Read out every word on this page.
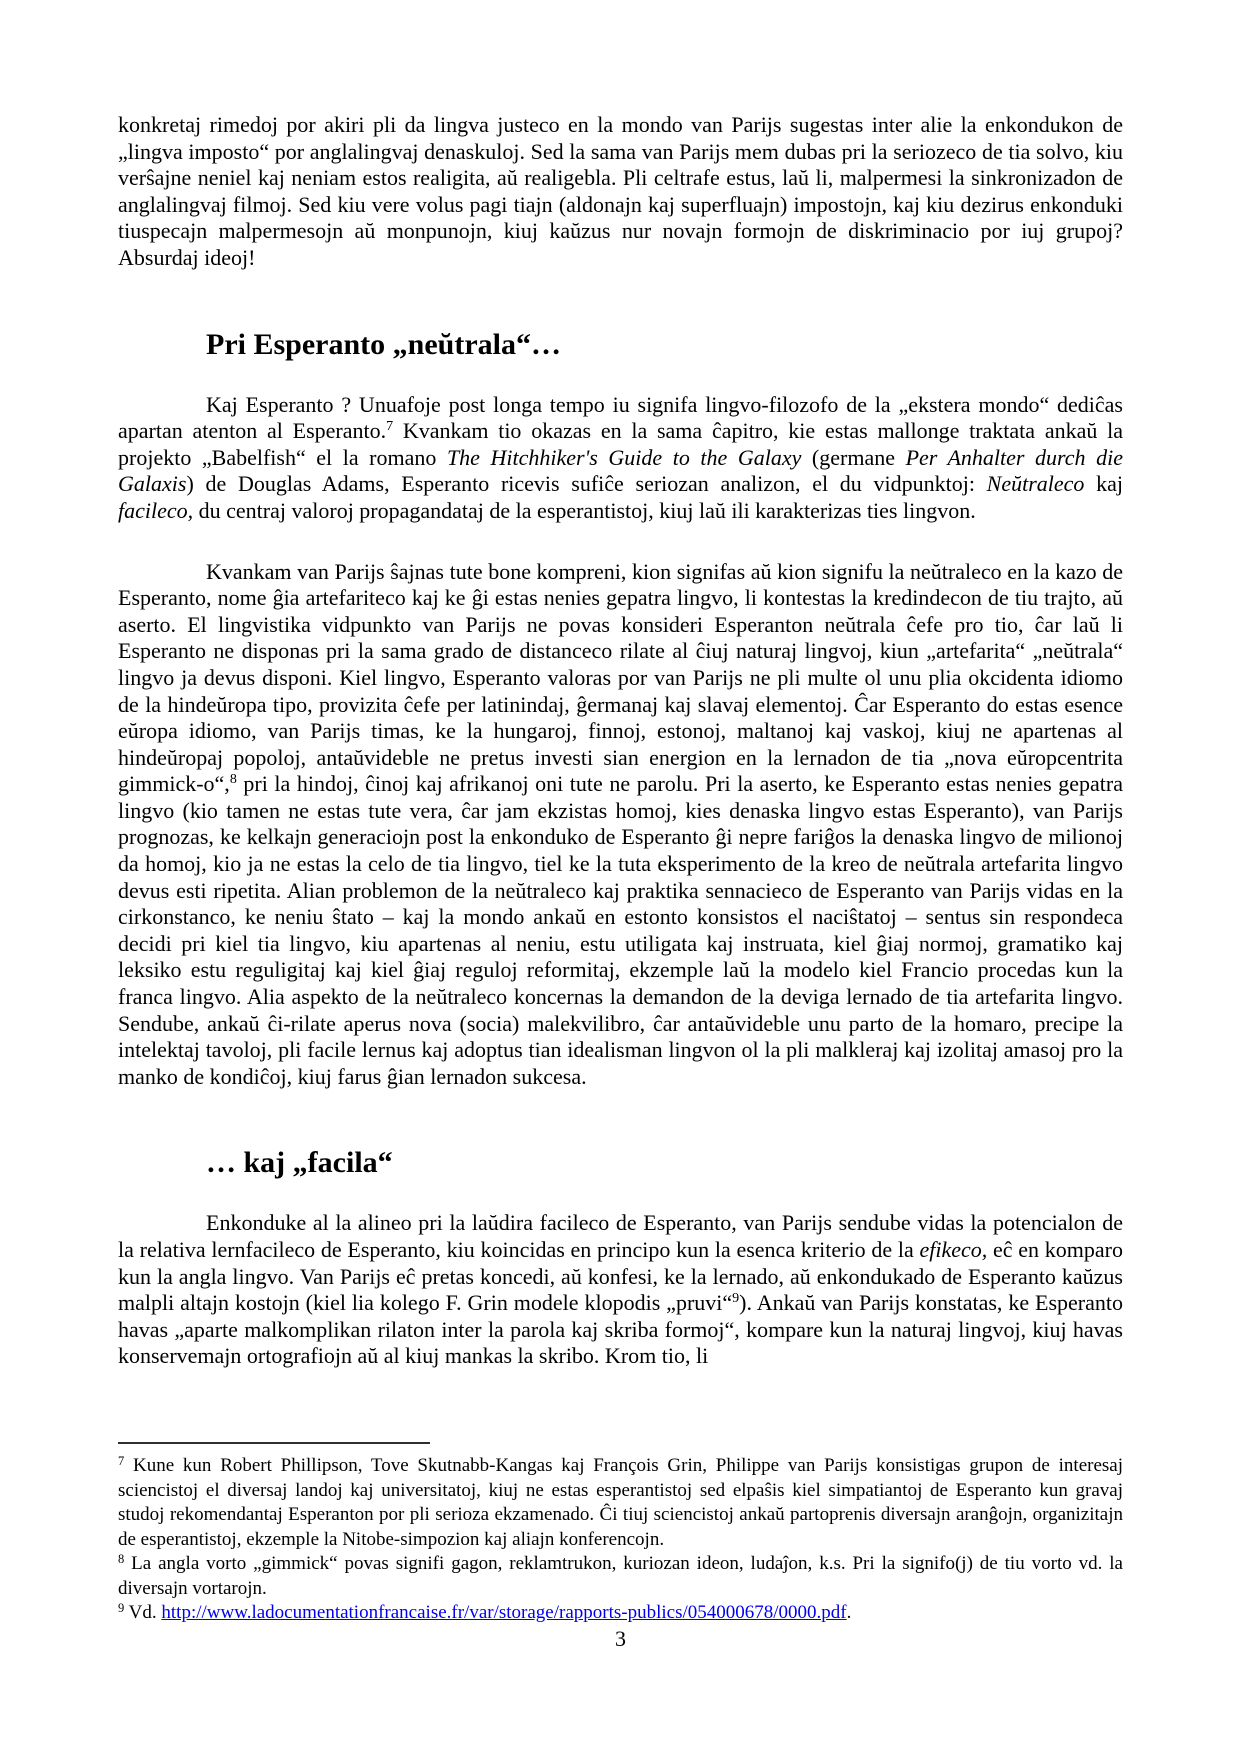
konkretaj rimedoj por akiri pli da lingva justeco en la mondo van Parijs sugestas inter alie la enkondukon de „lingva imposto“ por anglalingvaj denaskuloj. Sed la sama van Parijs mem dubas pri la seriozeco de tia solvo, kiu verŝajne neniel kaj neniam estos realigita, aŭ realigebla. Pli celtrafe estus, laŭ li, malpermesi la sinkronizadon de anglalingvaj filmoj. Sed kiu vere volus pagi tiajn (aldonajn kaj superfluajn) impostojn, kaj kiu dezirus enkonduki tiuspecajn malpermesojn aŭ monpunojn, kiuj kaŭzus nur novajn formojn de diskriminacio por iuj grupoj? Absurdaj ideoj!

Pri Esperanto „neŭtrala“…

Kaj Esperanto ? Unuafoje post longa tempo iu signifa lingvo-filozofo de la „ekstera mondo“ dediĉas apartan atenton al Esperanto.$^7$ Kvankam tio okazas en la sama ĉapitro, kie estas mallonge traktata ankaŭ la projekto „Babelfish“ el la romano The Hitchhiker's Guide to the Galaxy (germane Per Anhalter durch die Galaxis) de Douglas Adams, Esperanto ricevis sufiĉe seriozan analizon, el du vidpunktoj: Neŭtraleco kaj facileco, du centraj valoroj propagandataj de la esperantistoj, kiuj laŭ ili karakterizas ties lingvon.

Kvankam van Parijs ŝajnas tute bone kompreni, kion signifas aŭ kion signifu la neŭtraleco en la kazo de Esperanto, nome ĝia artefariteco kaj ke ĝi estas nenies gepatra lingvo, li kontestas la kredindecon de tiu trajto, aŭ aserto. El lingvistika vidpunkto van Parijs ne povas konsideri Esperanton neŭtrala ĉefe pro tio, ĉar laŭ li Esperanto ne disponas pri la sama grado de distanceco rilate al ĉiuj naturaj lingvoj, kiun „artefarita“ „neŭtrala“ lingvo ja devus disponi. Kiel lingvo, Esperanto valoras por van Parijs ne pli multe ol unu plia okcidenta idiomo de la hindeŭropa tipo, provizita ĉefe per latinindaj, ĝermanaj kaj slavaj elementoj. Ĉar Esperanto do estas esence eŭropa idiomo, van Parijs timas, ke la hungaroj, finnoj, estonoj, maltanoj kaj vaskoj, kiuj ne apartenas al hindeŭropaj popoloj, antaŭvideble ne pretus investi sian energion en la lernadon de tia „nova eŭropcentrita gimmick-o“,$^8$ pri la hindoj, ĉinoj kaj afrikanoj oni tute ne parolu. Pri la aserto, ke Esperanto estas nenies gepatra lingvo (kio tamen ne estas tute vera, ĉar jam ekzistas homoj, kies denaska lingvo estas Esperanto), van Parijs prognozas, ke kelkajn generaciojn post la enkonduko de Esperanto ĝi nepre fariĝos la denaska lingvo de milionoj da homoj, kio ja ne estas la celo de tia lingvo, tiel ke la tuta eksperimento de la kreo de neŭtrala artefarita lingvo devus esti ripetita. Alian problemon de la neŭtraleco kaj praktika sennacieco de Esperanto van Parijs vidas en la cirkonstanco, ke neniu ŝtato – kaj la mondo ankaŭ en estonto konsistos el naciŝtatoj – sentus sin respondeca decidi pri kiel tia lingvo, kiu apartenas al neniu, estu utiligata kaj instruata, kiel ĝiaj normoj, gramatiko kaj leksiko estu reguligitaj kaj kiel ĝiaj reguloj reformitaj, ekzemple laŭ la modelo kiel Francio procedas kun la franca lingvo. Alia aspekto de la neŭtraleco koncernas la demandon de la deviga lernado de tia artefarita lingvo. Sendube, ankaŭ ĉi-rilate aperus nova (socia) malekvilibro, ĉar antaŭvideble unu parto de la homaro, precipe la intelektaj tavoloj, pli facile lernus kaj adoptus tian idealisman lingvon ol la pli malkleraj kaj izolitaj amasoj pro la manko de kondiĉoj, kiuj farus ĝian lernadon sukcesa.

… kaj „facila“

Enkonduke al la alineo pri la laŭdira facileco de Esperanto, van Parijs sendube vidas la potencialon de la relativa lernfacileco de Esperanto, kiu koincidas en principo kun la esenca kriterio de la efikeco, eĉ en komparo kun la angla lingvo. Van Parijs eĉ pretas koncedi, aŭ konfesi, ke la lernado, aŭ enkondukado de Esperanto kaŭzus malpli altajn kostojn (kiel lia kolego F. Grin modele klopodis „pruvi“$^9$). Ankaŭ van Parijs konstatas, ke Esperanto havas „aparte malkomplikan rilaton inter la parola kaj skriba formoj“, kompare kun la naturaj lingvoj, kiuj havas konservemajn ortografiojn aŭ al kiuj mankas la skribo. Krom tio, li

$^7$ Kune kun Robert Phillipson, Tove Skutnabb-Kangas kaj François Grin, Philippe van Parijs konsistigas grupon de interesaj sciencistoj el diversaj landoj kaj universitatoj, kiuj ne estas esperantistoj sed elpaŝis kiel simpatiantoj de Esperanto kun gravaj studoj rekomendantaj Esperanton por pli serioza ekzamenado. Ĉi tiuj sciencistoj ankaŭ partoprenis diversajn aranĝojn, organizitajn de esperantistoj, ekzemple la Nitobe-simpozion kaj aliajn konferencojn.

$^8$ La angla vorto „gimmick“ povas signifi gagon, reklamtrukon, kuriozan ideon, ludaĵon, k.s. Pri la signifo(j) de tiu vorto vd. la diversajn vortarojn.

$^9$ Vd. http://www.ladocumentationfrancaise.fr/var/storage/rapports-publics/054000678/0000.pdf.

3
